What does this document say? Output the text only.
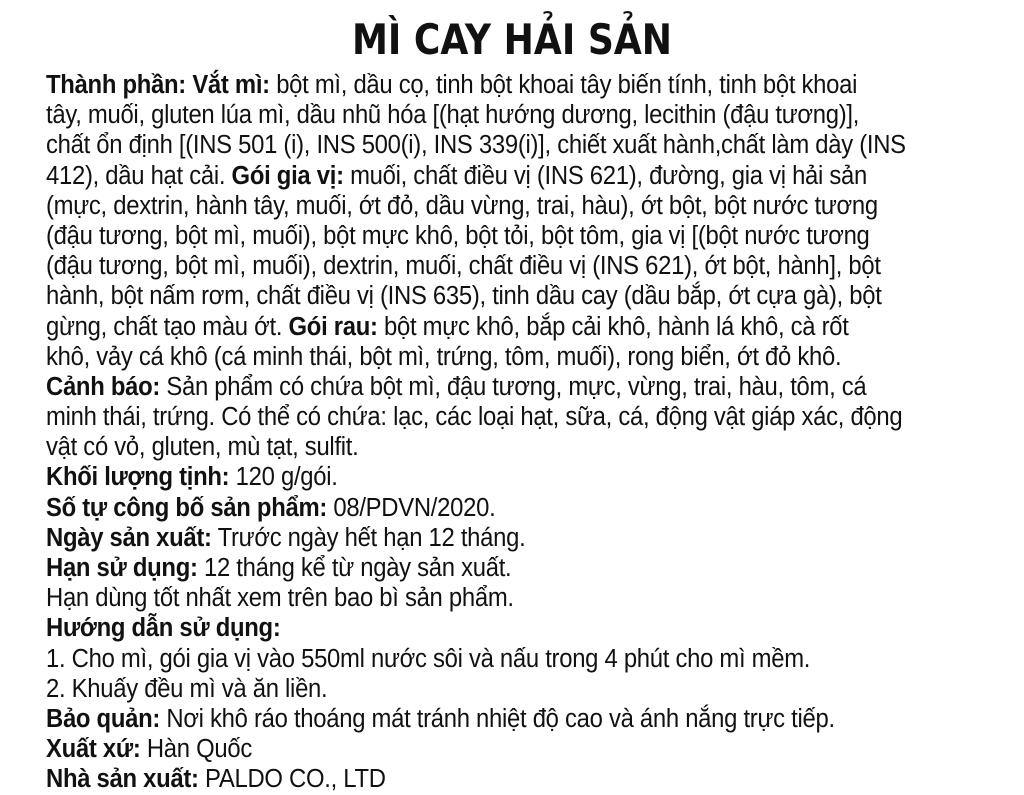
MÌ CAY HẢI SẢN
Thành phần: Vắt mì: bột mì, dầu cọ, tinh bột khoai tây biến tính, tinh bột khoai
tây, muối, gluten lúa mì, dầu nhũ hóa [(hạt hướng dương, lecithin (đậu tương)],
chất ổn định [(INS 501 (i), INS 500(i), INS 339(i)], chiết xuất hành,chất làm dày (INS
412), dầu hạt cải. Gói gia vị: muối, chất điều vị (INS 621), đường, gia vị hải sản
(mực, dextrin, hành tây, muối, ớt đỏ, dầu vừng, trai, hàu), ớt bột, bột nước tương
(đậu tương, bột mì, muối), bột mực khô, bột tỏi, bột tôm, gia vị [(bột nước tương
(đậu tương, bột mì, muối), dextrin, muối, chất điều vị (INS 621), ớt bột, hành], bột
hành, bột nấm rơm, chất điều vị (INS 635), tinh dầu cay (dầu bắp, ớt cựa gà), bột
gừng, chất tạo màu ớt. Gói rau: bột mực khô, bắp cải khô, hành lá khô, cà rốt
khô, vảy cá khô (cá minh thái, bột mì, trứng, tôm, muối), rong biển, ớt đỏ khô.
Cảnh báo: Sản phẩm có chứa bột mì, đậu tương, mực, vừng, trai, hàu, tôm, cá
minh thái, trứng. Có thể có chứa: lạc, các loại hạt, sữa, cá, động vật giáp xác, động
vật có vỏ, gluten, mù tạt, sulfit.
Khối lượng tịnh: 120 g/gói.
Số tự công bố sản phẩm: 08/PDVN/2020.
Ngày sản xuất: Trước ngày hết hạn 12 tháng.
Hạn sử dụng: 12 tháng kể từ ngày sản xuất.
Hạn dùng tốt nhất xem trên bao bì sản phẩm.
Hướng dẫn sử dụng:
1. Cho mì, gói gia vị vào 550ml nước sôi và nấu trong 4 phút cho mì mềm.
2. Khuấy đều mì và ăn liền.
Bảo quản: Nơi khô ráo thoáng mát tránh nhiệt độ cao và ánh nắng trực tiếp.
Xuất xứ: Hàn Quốc
Nhà sản xuất: PALDO CO., LTD
